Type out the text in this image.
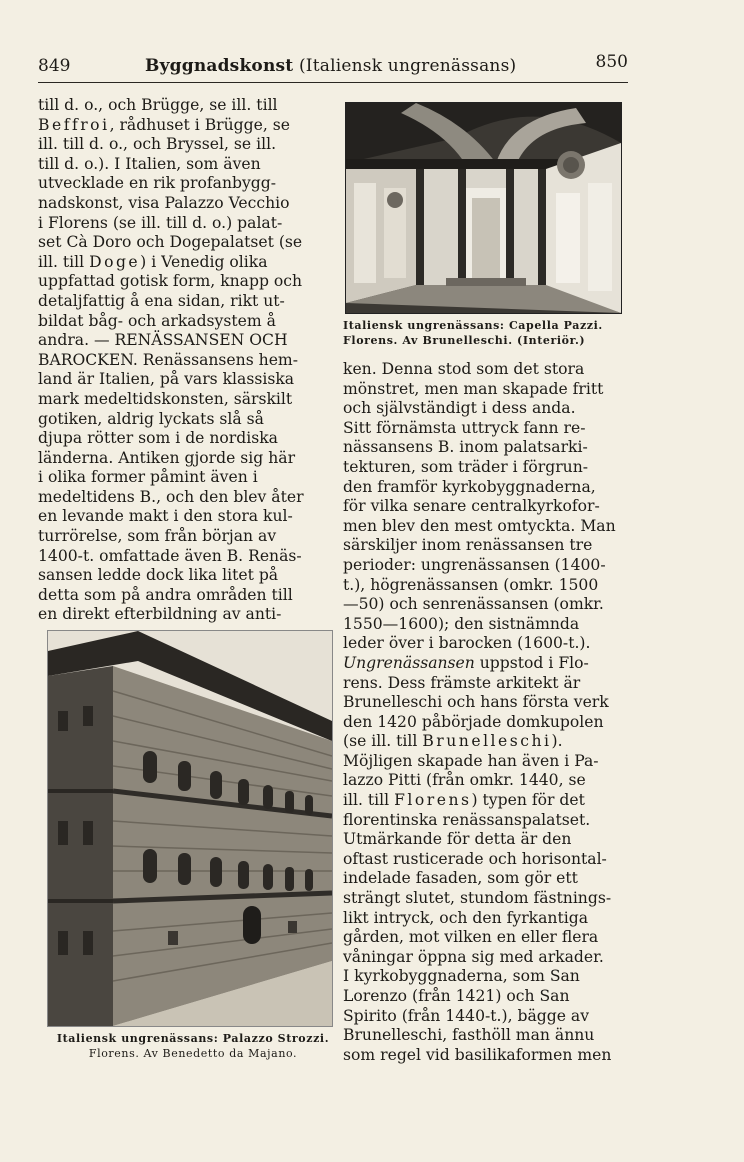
849	Byggnadskonst (Italiensk ungrenässans)	850

till d. o., och Brügge, se ill. till

Beffroi, rådhuset i Brügge, se

ill. till d. o., och Bryssel, se ill.

till d. o.). I Italien, som även

utvecklade en rik profanbygg-

nadskonst, visa Palazzo Vecchio

i Florens (se ill. till d. o.) palat-

set Cà Doro och Dogepalatset (se

ill. till Doge) i Venedig olika

uppfattad gotisk form, knapp och

detaljfattig å ena sidan, rikt ut-

bildat båg- och arkadsystem å

andra. — RENÄSSANSEN OCH

BAROCKEN. Renässansens hem-

land är Italien, på vars klassiska

mark medeltidskonsten, särskilt

gotiken, aldrig lyckats slå så

djupa rötter som i de nordiska

länderna. Antiken gjorde sig här

i olika former påmint även i

medeltidens B., och den blev åter

en levande makt i den stora kul-

turrörelse, som från början av

1400-t. omfattade även B. Renäs-

sansen ledde dock lika litet på

detta som på andra områden till

en direkt efterbildning av anti-

Italiensk ungrenässans: Capella Pazzi.
Florens. Av Brunelleschi. (Interiör.)

ken. Denna stod som det stora

mönstret, men man skapade fritt

och självständigt i dess anda.

Sitt förnämsta uttryck fann re-

nässansens B. inom palatsarki-

tekturen, som träder i förgrun-

den framför kyrkobyggnaderna,

för vilka senare centralkyrkofor-

men blev den mest omtyckta. Man

särskiljer inom renässansen tre

perioder: ungrenässansen (1400-

t.), högrenässansen (omkr. 1500

—50) och senrenässansen (omkr.

1550—1600); den sistnämnda

leder över i barocken (1600-t.).

Ungrenässansen uppstod i Flo-

rens. Dess främste arkitekt är

Brunelleschi och hans första verk

den 1420 påbörjade domkupolen

(se ill. till Brunelleschi).

Möjligen skapade han även i Pa-

lazzo Pitti (från omkr. 1440, se

ill. till Florens) typen för det

florentinska renässanspalatset.

Utmärkande för detta är den

oftast rusticerade och horisontal-

indelade fasaden, som gör ett

strängt slutet, stundom fästnings-

likt intryck, och den fyrkantiga

gården, mot vilken en eller flera

våningar öppna sig med arkader.

I kyrkobyggnaderna, som San

Lorenzo (från 1421) och San

Spirito (från 1440-t.), bägge av

Brunelleschi, fasthöll man ännu

som regel vid basilikaformen men

Italiensk ungrenässans: Palazzo Strozzi.
Florens. Av Benedetto da Majano.
